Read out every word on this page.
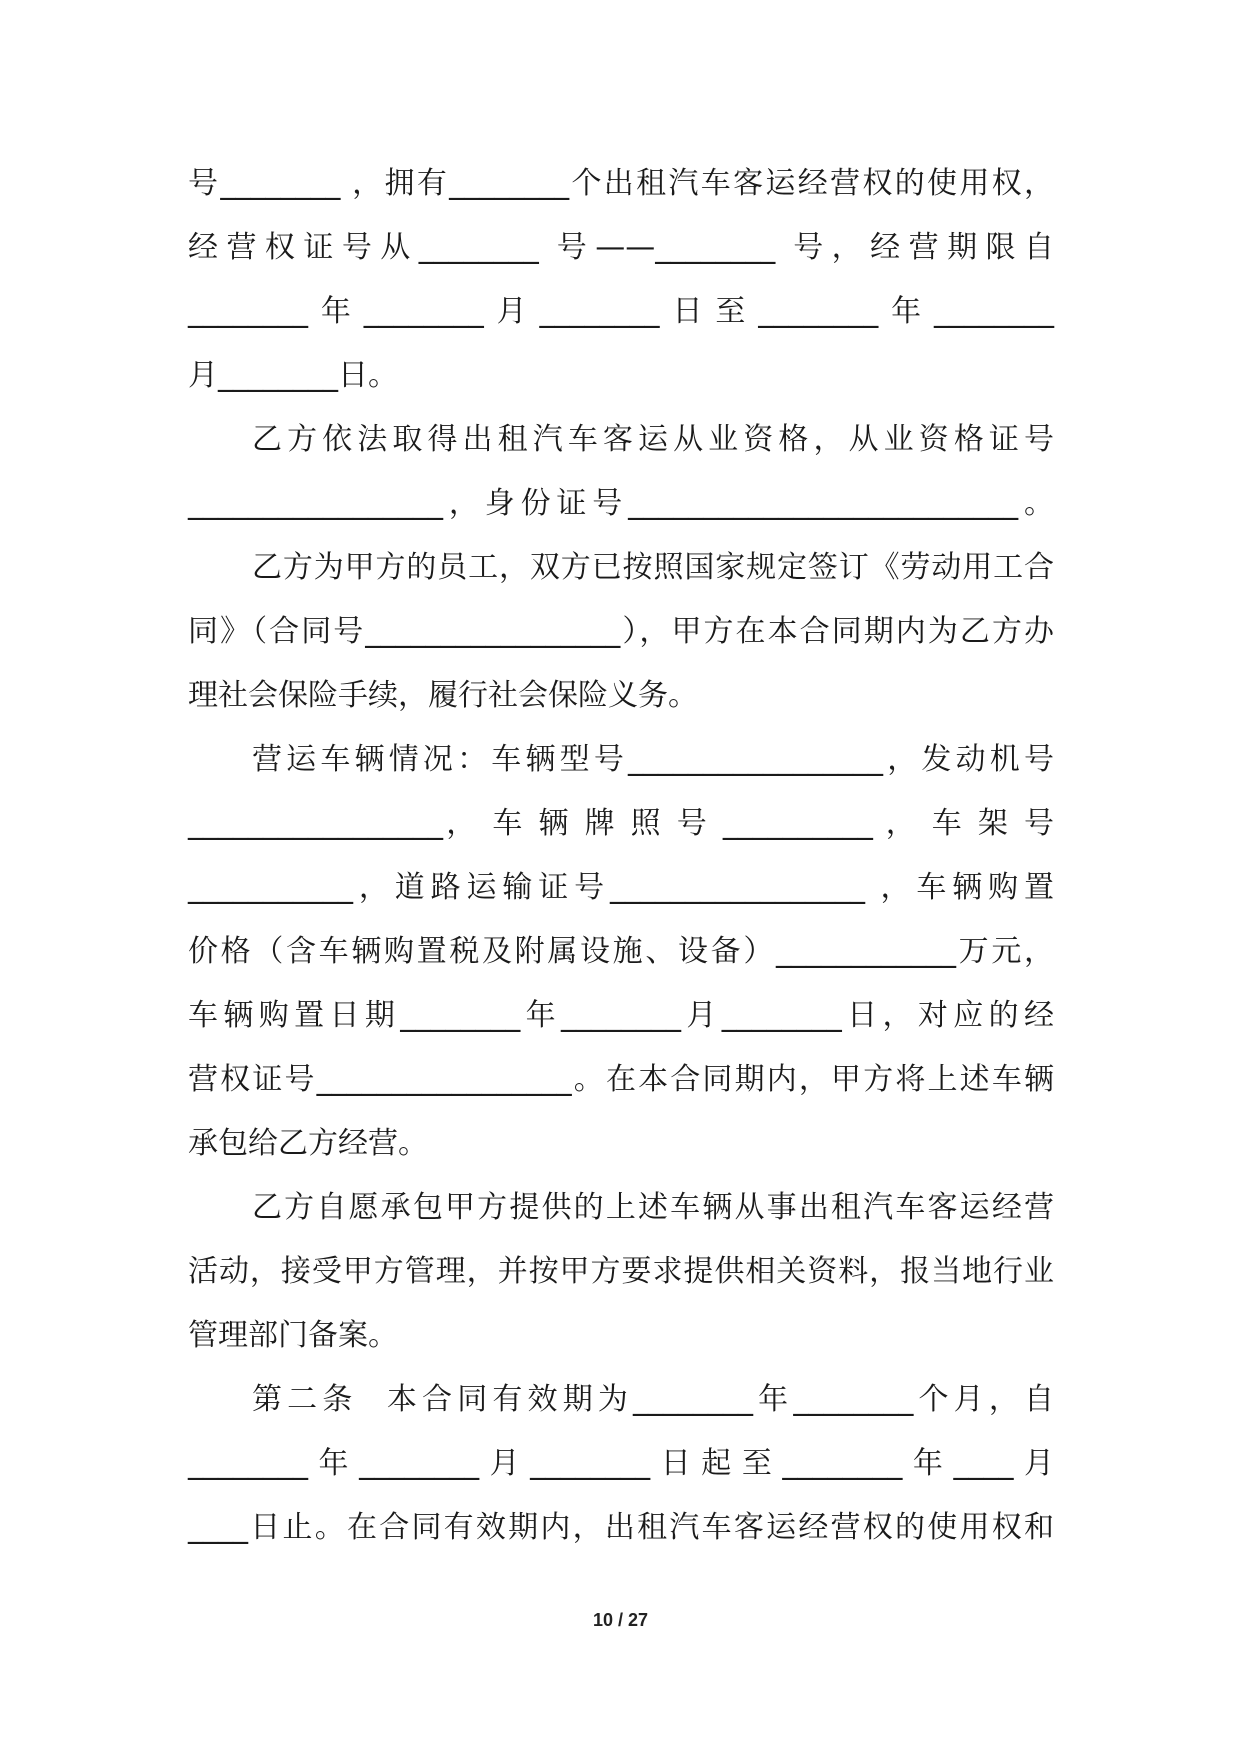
号________ ，拥有________个出租汽车客运经营权的使用权，

经营权证号从________ 号——________ 号，经营期限自

________年________月________日至________年________

月________日。

乙方依法取得出租汽车客运从业资格，从业资格证号

_________________，身份证号__________________________。

乙方为甲方的员工，双方已按照国家规定签订《劳动用工合

同》（合同号_________________），甲方在本合同期内为乙方办

理社会保险手续，履行社会保险义务。

营运车辆情况：车辆型号_________________，发动机号

_________________， 车 辆 牌 照 号 __________ ， 车 架 号

___________，道路运输证号_________________ ，车辆购置

价格（含车辆购置税及附属设施、设备）____________万元，

车辆购置日期________年________月________日，对应的经

营权证号_________________。在本合同期内，甲方将上述车辆

承包给乙方经营。

乙方自愿承包甲方提供的上述车辆从事出租汽车客运经营

活动，接受甲方管理，并按甲方要求提供相关资料，报当地行业

管理部门备案。

第二条  本合同有效期为________年________个月，自

________年________月________日起至________年____月

____日止。在合同有效期内，出租汽车客运经营权的使用权和

10 / 27
